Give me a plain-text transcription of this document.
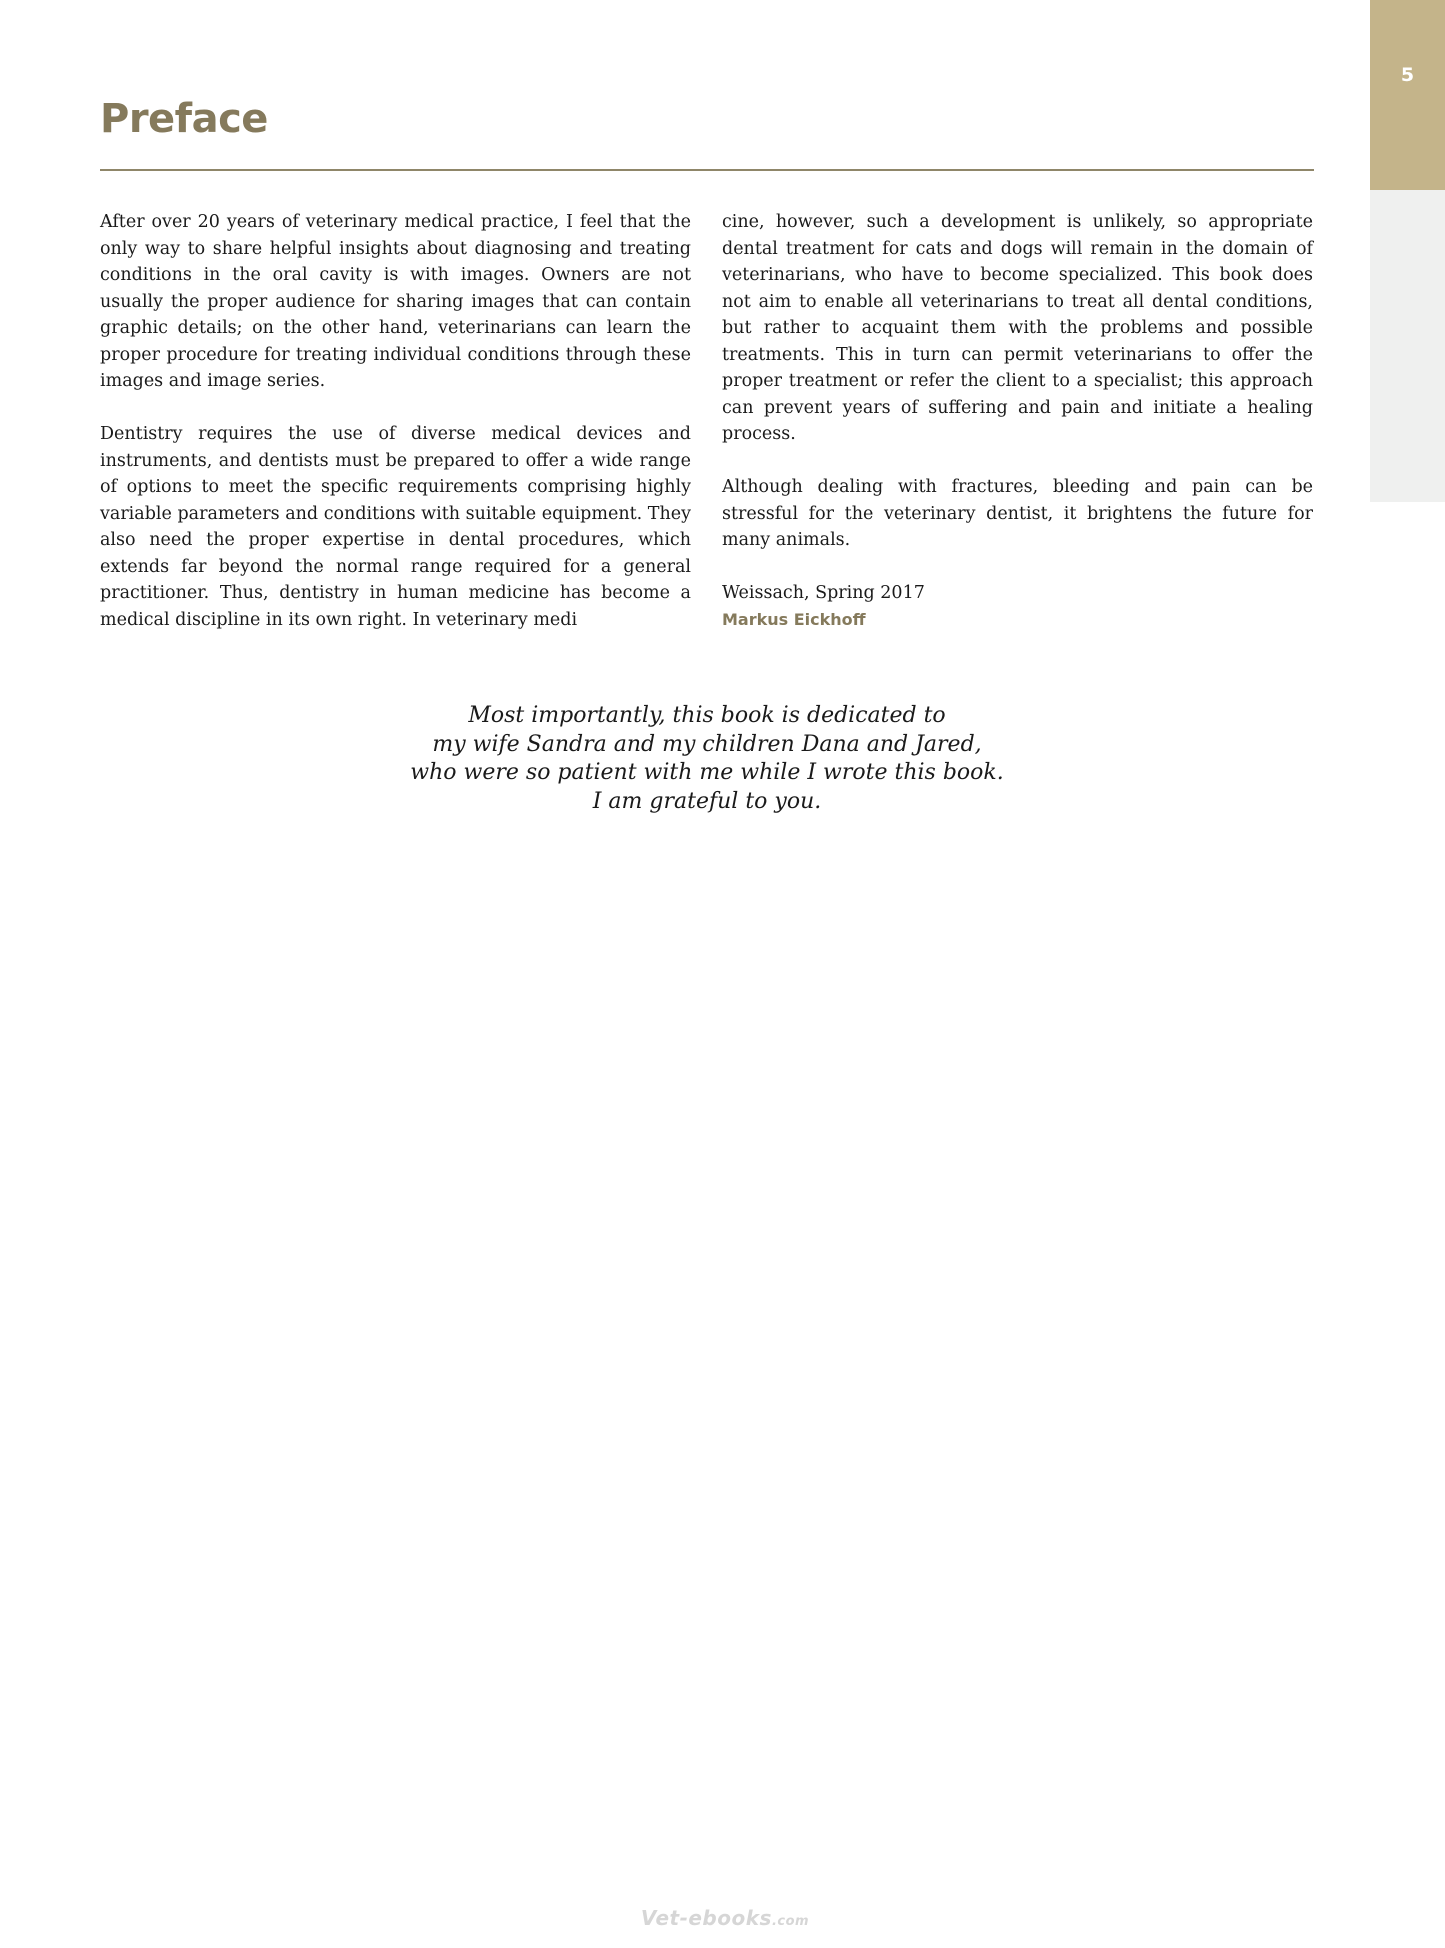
5
Preface

After over 20 years of veterinary medical practice, I feel that the only way to share helpful insights about diagnosing and treating conditions in the oral cavity is with images. Owners are not usually the proper audience for sharing images that can contain graphic details; on the other hand, veterinarians can learn the proper procedure for treating individual conditions through these images and image series.

Dentistry requires the use of diverse medical devices and instruments, and dentists must be prepared to offer a wide range of options to meet the specific requirements comprising highly variable parameters and conditions with suitable equipment. They also need the proper expertise in dental procedures, which extends far beyond the normal range required for a general practitioner. Thus, dentistry in human medicine has become a medical discipline in its own right. In veterinary medi

cine, however, such a development is unlikely, so appropriate dental treatment for cats and dogs will remain in the domain of veterinarians, who have to become specialized. This book does not aim to enable all veterinarians to treat all dental conditions, but rather to acquaint them with the problems and possible treatments. This in turn can permit veterinarians to offer the proper treatment or refer the client to a specialist; this approach can prevent years of suffering and pain and initiate a healing process.

Although dealing with fractures, bleeding and pain can be stressful for the veterinary dentist, it brightens the future for many animals.

Weissach, Spring 2017

Markus Eickhoff
Most importantly, this book is dedicated to
my wife Sandra and my children Dana and Jared,
who were so patient with me while I wrote this book.
I am grateful to you.
Vet-ebooks.com
